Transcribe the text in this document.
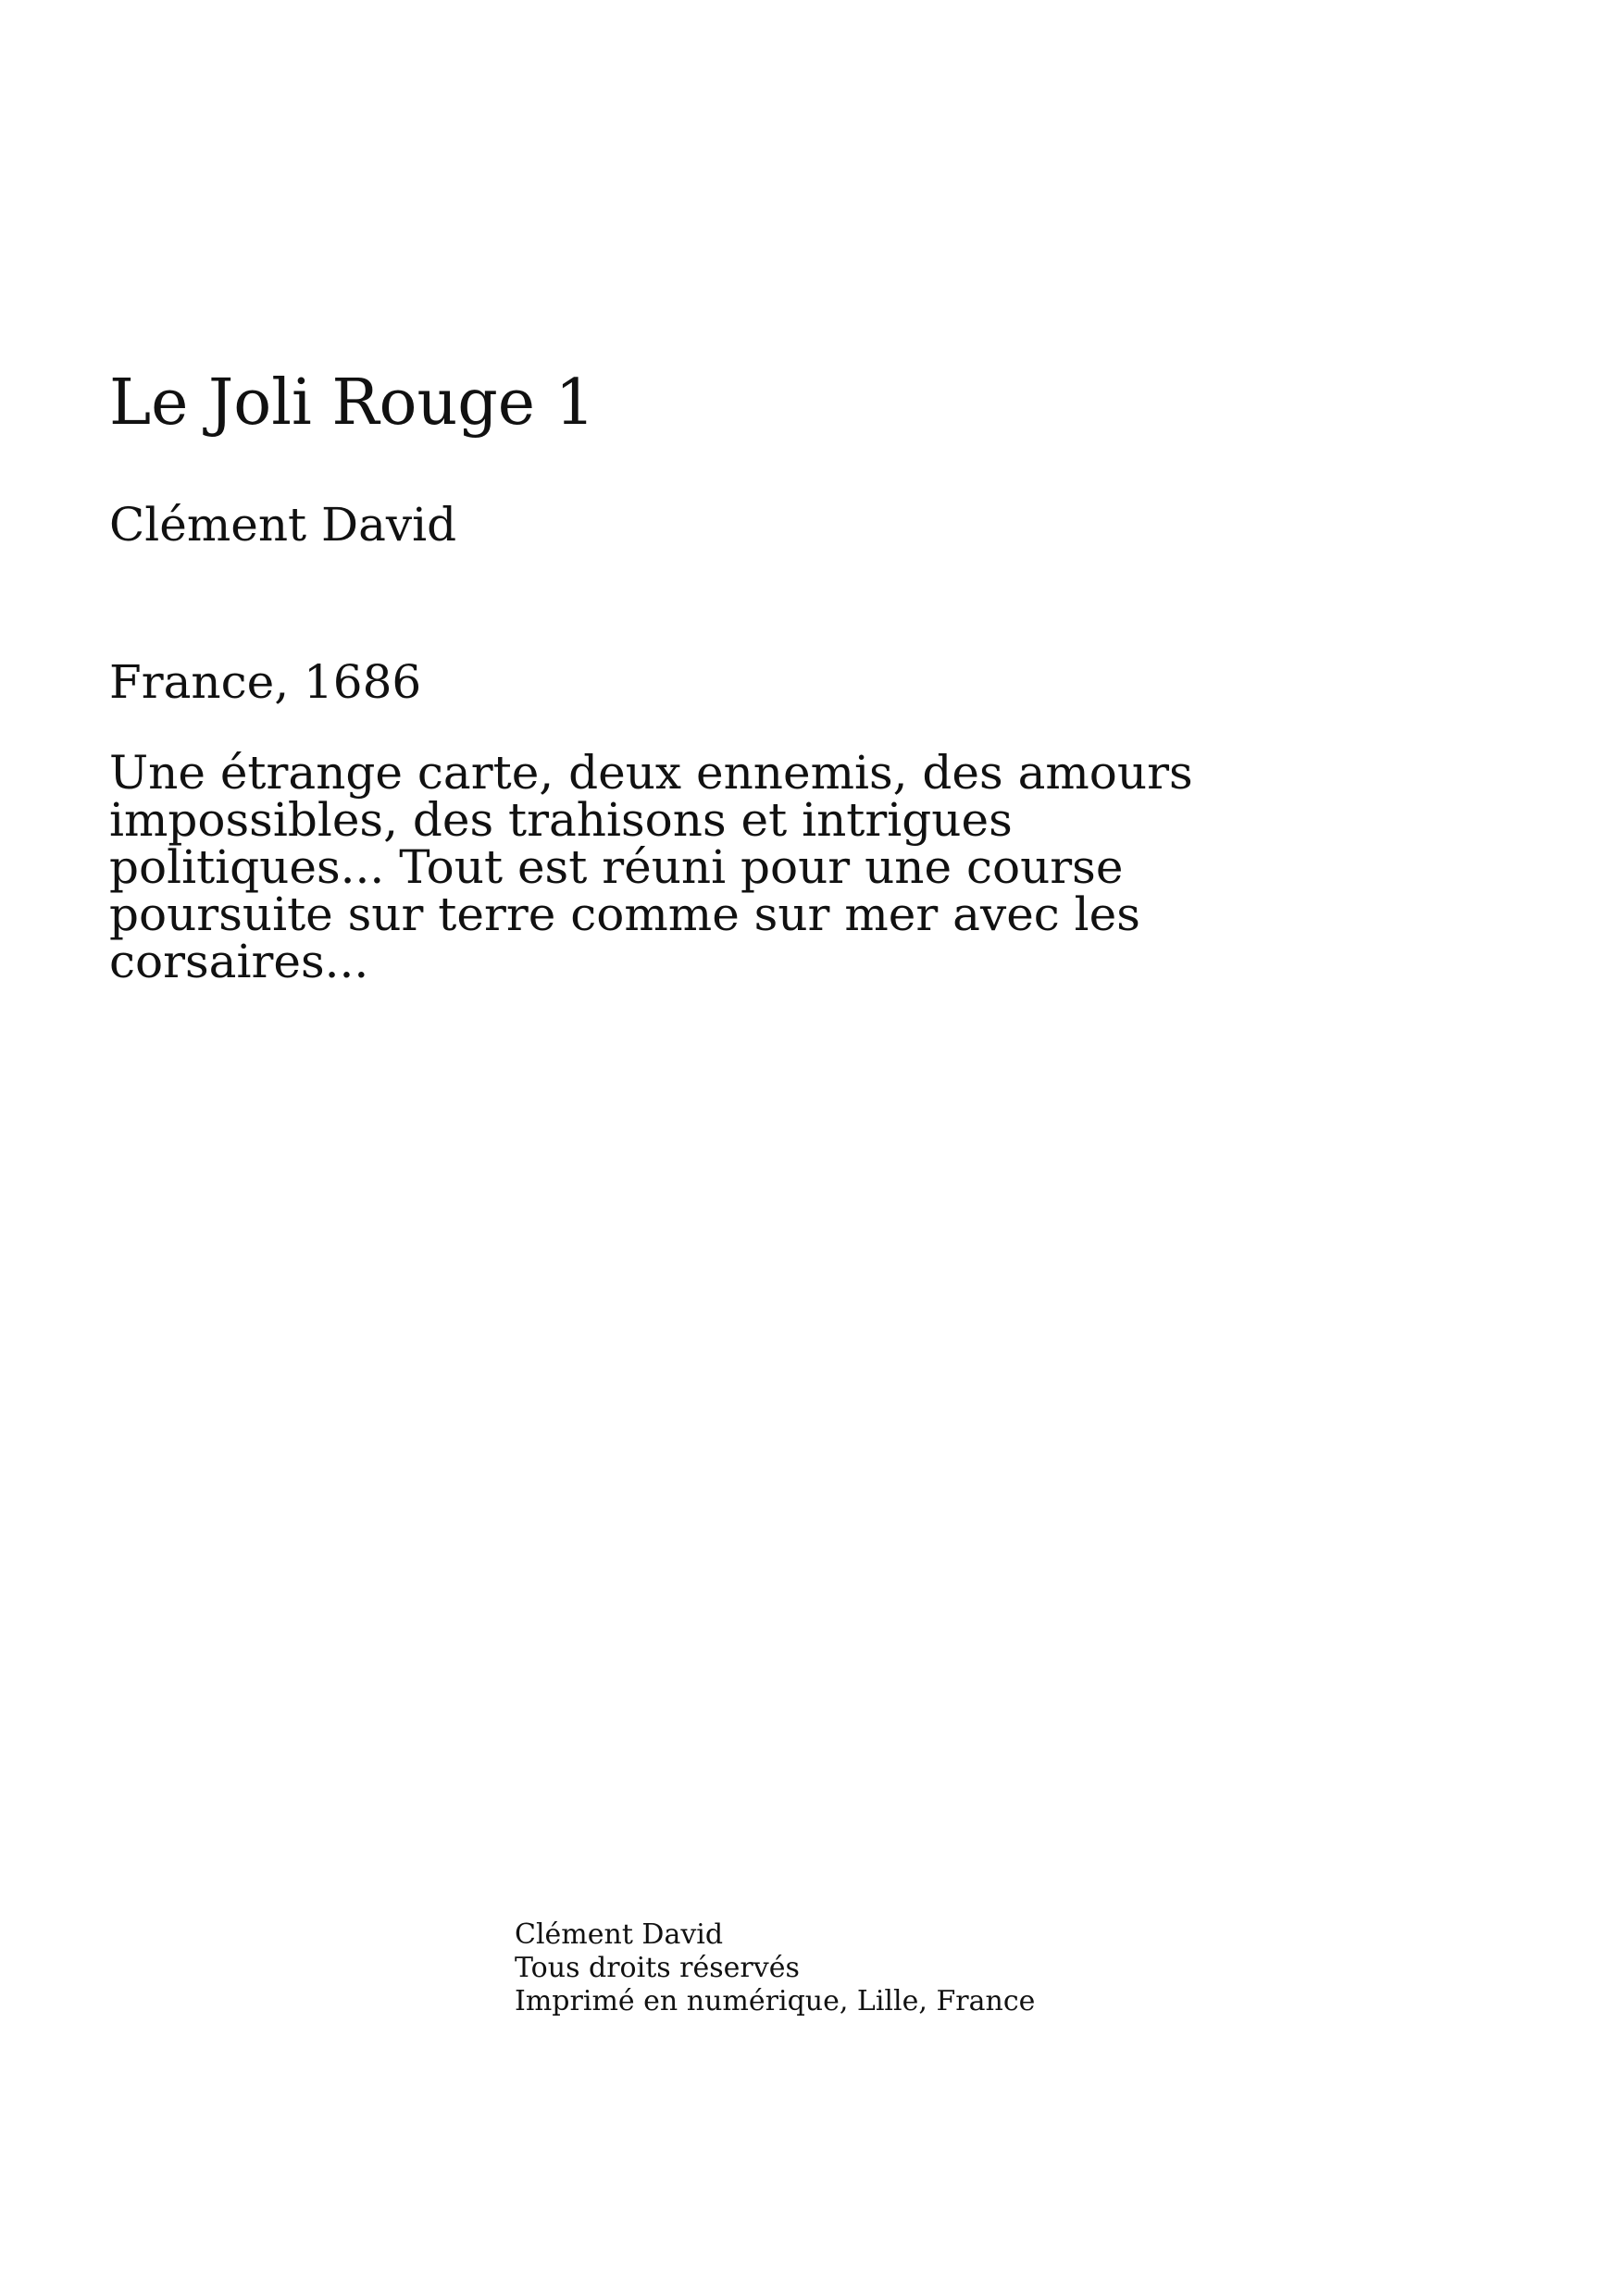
Le Joli Rouge 1

Clément David

France, 1686

Une étrange carte, deux ennemis, des amours impossibles, des trahisons et intrigues politiques... Tout est réuni pour une course poursuite sur terre comme sur mer avec les corsaires...

Clément David
Tous droits réservés
Imprimé en numérique, Lille, France
